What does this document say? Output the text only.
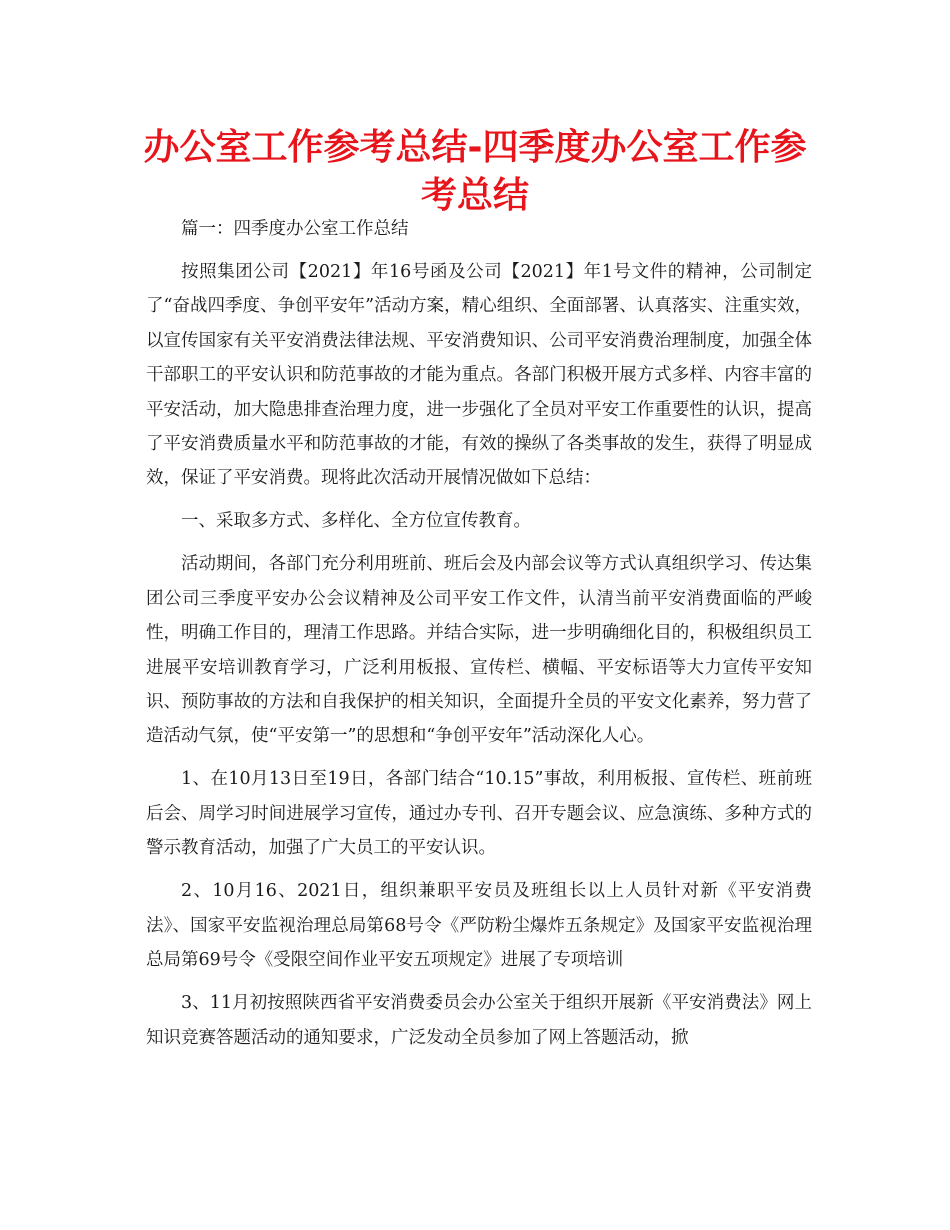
办公室工作参考总结-四季度办公室工作参考总结

篇一：四季度办公室工作总结

按照集团公司【2021】年16号函及公司【2021】年1号文件的精神，公司制定了“奋战四季度、争创平安年”活动方案，精心组织、全面部署、认真落实、注重实效，以宣传国家有关平安消费法律法规、平安消费知识、公司平安消费治理制度，加强全体干部职工的平安认识和防范事故的才能为重点。各部门积极开展方式多样、内容丰富的平安活动，加大隐患排查治理力度，进一步强化了全员对平安工作重要性的认识，提高了平安消费质量水平和防范事故的才能，有效的操纵了各类事故的发生，获得了明显成效，保证了平安消费。现将此次活动开展情况做如下总结：

一、采取多方式、多样化、全方位宣传教育。

活动期间，各部门充分利用班前、班后会及内部会议等方式认真组织学习、传达集团公司三季度平安办公会议精神及公司平安工作文件，认清当前平安消费面临的严峻性，明确工作目的，理清工作思路。并结合实际，进一步明确细化目的，积极组织员工进展平安培训教育学习，广泛利用板报、宣传栏、横幅、平安标语等大力宣传平安知识、预防事故的方法和自我保护的相关知识，全面提升全员的平安文化素养，努力营了造活动气氛，使“平安第一”的思想和“争创平安年”活动深化人心。

1、在10月13日至19日，各部门结合“10.15”事故，利用板报、宣传栏、班前班后会、周学习时间进展学习宣传，通过办专刊、召开专题会议、应急演练、多种方式的警示教育活动，加强了广大员工的平安认识。

2、10月16、2021日，组织兼职平安员及班组长以上人员针对新《平安消费法》、国家平安监视治理总局第68号令《严防粉尘爆炸五条规定》及国家平安监视治理总局第69号令《受限空间作业平安五项规定》进展了专项培训

3、11月初按照陕西省平安消费委员会办公室关于组织开展新《平安消费法》网上知识竞赛答题活动的通知要求，广泛发动全员参加了网上答题活动，掀
